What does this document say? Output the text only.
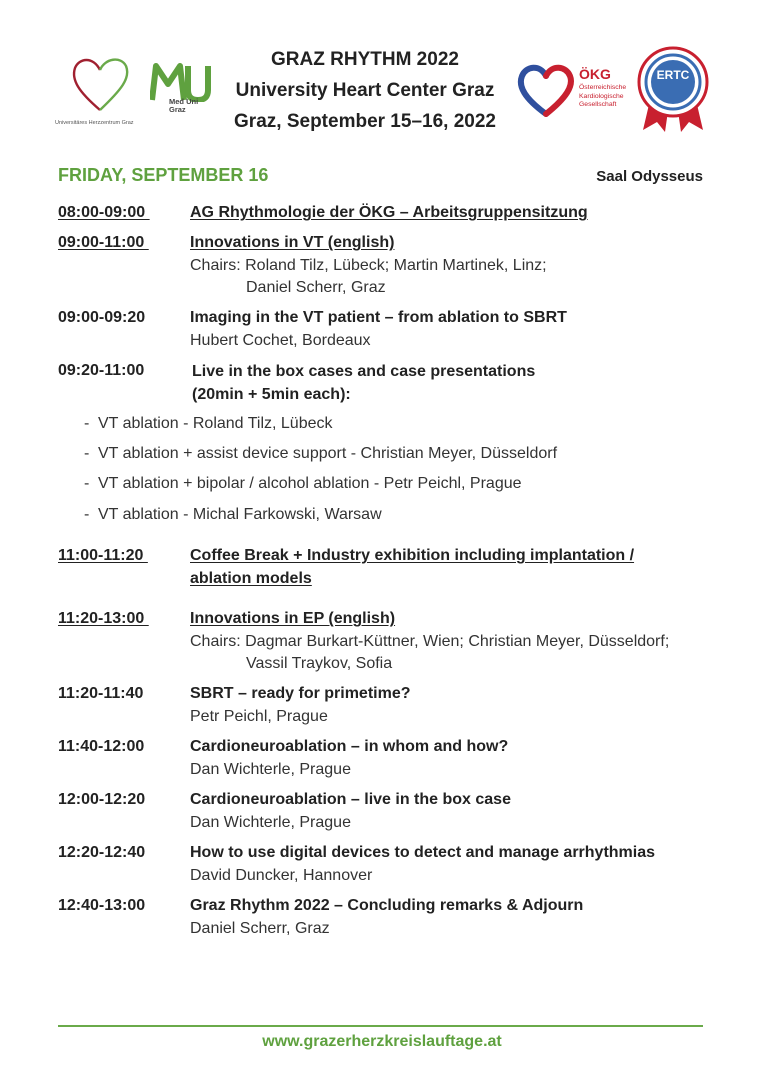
Universitäres Herzzentrum Graz
Med Uni
Graz
GRAZ RHYTHM 2022
University Heart Center Graz
Graz, September 15–16, 2022
ÖKG
Österreichische
Kardiologische
Gesellschaft
ERTC
FRIDAY, SEPTEMBER 16	Saal Odysseus
08:00-09:00	AG Rhythmologie der ÖKG – Arbeitsgruppensitzung
09:00-11:00	Innovations in VT (english)
Chairs: Roland Tilz, Lübeck; Martin Martinek, Linz;
Daniel Scherr, Graz
09:00-09:20	Imaging in the VT patient – from ablation to SBRT
Hubert Cochet, Bordeaux
09:20-11:00	Live in the box cases and case presentations
(20min + 5min each):
- VT ablation - Roland Tilz, Lübeck
- VT ablation + assist device support - Christian Meyer, Düsseldorf
- VT ablation + bipolar / alcohol ablation - Petr Peichl, Prague
- VT ablation - Michal Farkowski, Warsaw
11:00-11:20	Coffee Break + Industry exhibition including implantation /
ablation models
11:20-13:00	Innovations in EP (english)
Chairs: Dagmar Burkart-Küttner, Wien; Christian Meyer, Düsseldorf;
Vassil Traykov, Sofia
11:20-11:40	SBRT – ready for primetime?
Petr Peichl, Prague
11:40-12:00	Cardioneuroablation – in whom and how?
Dan Wichterle, Prague
12:00-12:20	Cardioneuroablation – live in the box case
Dan Wichterle, Prague
12:20-12:40	How to use digital devices to detect and manage arrhythmias
David Duncker, Hannover
12:40-13:00	Graz Rhythm 2022 – Concluding remarks & Adjourn
Daniel Scherr, Graz
www.grazerherzkreislauftage.at
